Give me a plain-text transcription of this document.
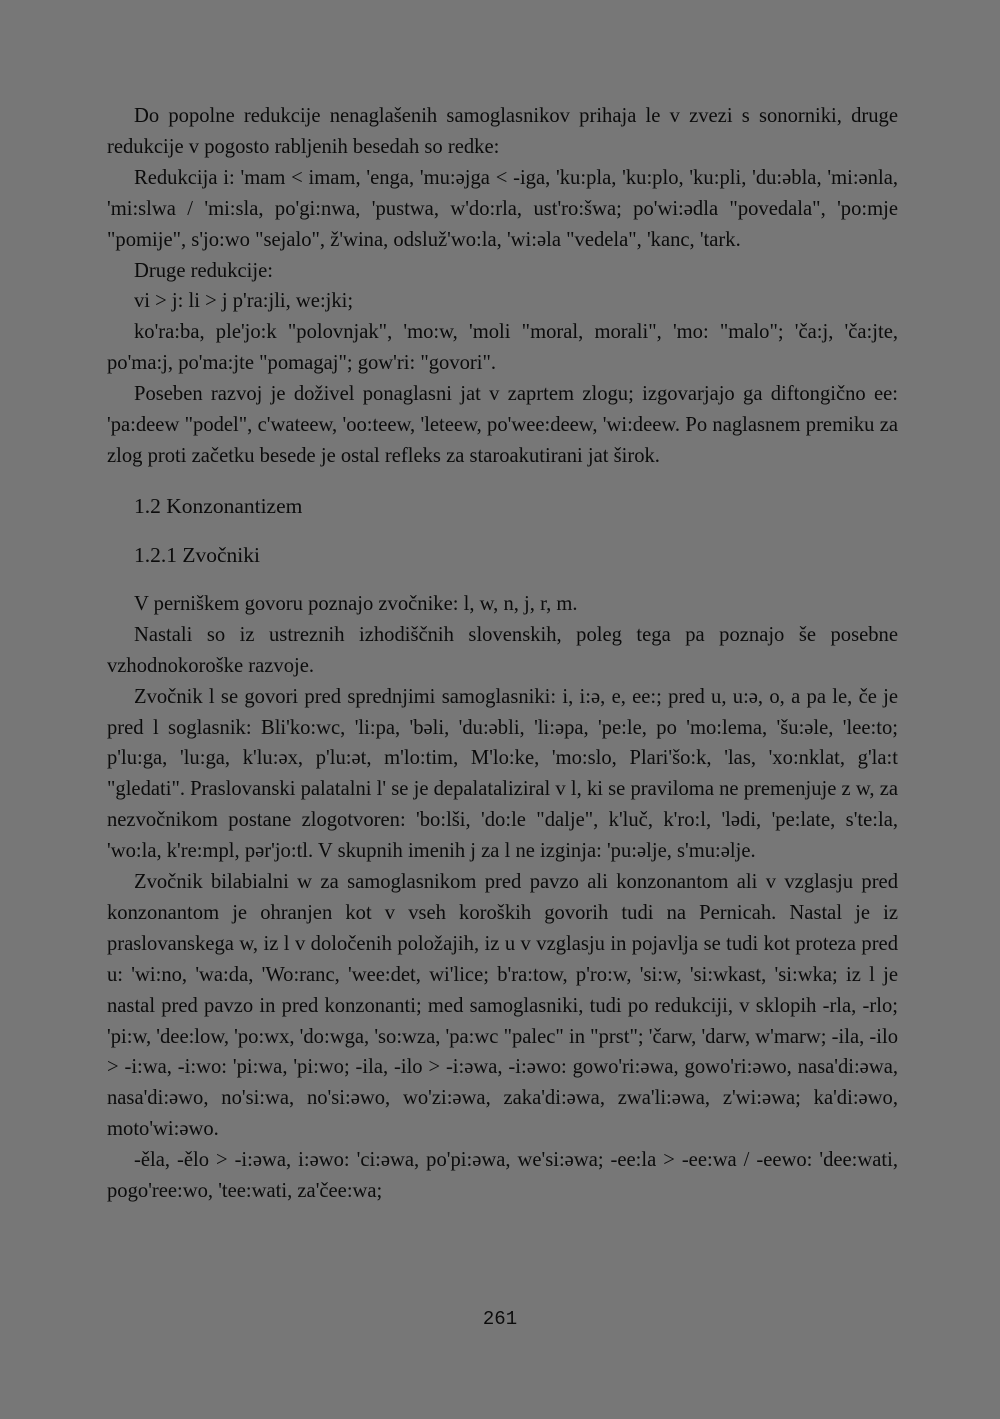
Do popolne redukcije nenaglašenih samoglasnikov prihaja le v zvezi s sonorniki, druge redukcije v pogosto rabljenih besedah so redke:

Redukcija i: 'mam < imam, 'enga, 'mu:əjga < -iga, 'ku:pla, 'ku:plo, 'ku:pli, 'du:əbla, 'mi:ənla, 'mi:slwa / 'mi:sla, po'gi:nwa, 'pustwa, w'do:rla, ust'ro:šwa; po'wi:ədla "povedala", 'po:mje "pomije", s'jo:wo "sejalo", ž'wina, odsluž'wo:la, 'wi:əla "vedela", 'kanc, 'tark.

Druge redukcije:

vi > j: li > j p'ra:jli, we:jki;

ko'ra:ba, ple'jo:k "polovnjak", 'mo:w, 'moli "moral, morali", 'mo: "malo"; 'ča:j, 'ča:jte, po'ma:j, po'ma:jte "pomagaj"; gow'ri: "govori".

Poseben razvoj je doživel ponaglasni jat v zaprtem zlogu; izgovarjajo ga diftongično ee: 'pa:deew "podel", c'wateew, 'oo:teew, 'leteew, po'wee:deew, 'wi:deew. Po naglasnem premiku za zlog proti začetku besede je ostal refleks za staroakutirani jat širok.

1.2 Konzonantizem

1.2.1 Zvočniki

V perniškem govoru poznajo zvočnike: l, w, n, j, r, m.

Nastali so iz ustreznih izhodiščnih slovenskih, poleg tega pa poznajo še posebne vzhodnokoroške razvoje.

Zvočnik l se govori pred sprednjimi samoglasniki: i, i:ə, e, ee:; pred u, u:ə, o, a pa le, če je pred l soglasnik: Bli'ko:wc, 'li:pa, 'bəli, 'du:əbli, 'li:əpa, 'pe:le, po 'mo:lema, 'šu:əle, 'lee:to; p'lu:ga, 'lu:ga, k'lu:əx, p'lu:ət, m'lo:tim, M'lo:ke, 'mo:slo, Plari'šo:k, 'las, 'xo:nklat, g'la:t "gledati". Praslovanski palatalni l' se je depalataliziral v l, ki se praviloma ne premenjuje z w, za nezvočnikom postane zlogotvoren: 'bo:lši, 'do:le "dalje", k'luč, k'ro:l, 'lədi, 'pe:late, s'te:la, 'wo:la, k're:mpl, pər'jo:tl. V skupnih imenih j za l ne izginja: 'pu:əlje, s'mu:əlje.

Zvočnik bilabialni w za samoglasnikom pred pavzo ali konzonantom ali v vzglasju pred konzonantom je ohranjen kot v vseh koroških govorih tudi na Pernicah. Nastal je iz praslovanskega w, iz l v določenih položajih, iz u v vzglasju in pojavlja se tudi kot proteza pred u: 'wi:no, 'wa:da, 'Wo:ranc, 'wee:det, wi'lice; b'ra:tow, p'ro:w, 'si:w, 'si:wkast, 'si:wka; iz l je nastal pred pavzo in pred konzonanti; med samoglasniki, tudi po redukciji, v sklopih -rla, -rlo; 'pi:w, 'dee:low, 'po:wx, 'do:wga, 'so:wza, 'pa:wc "palec" in "prst"; 'čarw, 'darw, w'marw; -ila, -ilo > -i:wa, -i:wo: 'pi:wa, 'pi:wo; -ila, -ilo > -i:əwa, -i:əwo: gowo'ri:əwa, gowo'ri:əwo, nasa'di:əwa, nasa'di:əwo, no'si:wa, no'si:əwo, wo'zi:əwa, zaka'di:əwa, zwa'li:əwa, z'wi:əwa; ka'di:əwo, moto'wi:əwo.

-ěla, -ělo > -i:əwa, i:əwo: 'ci:əwa, po'pi:əwa, we'si:əwa; -ee:la > -ee:wa / -eewo: 'dee:wati, pogo'ree:wo, 'tee:wati, za'čee:wa;

261
